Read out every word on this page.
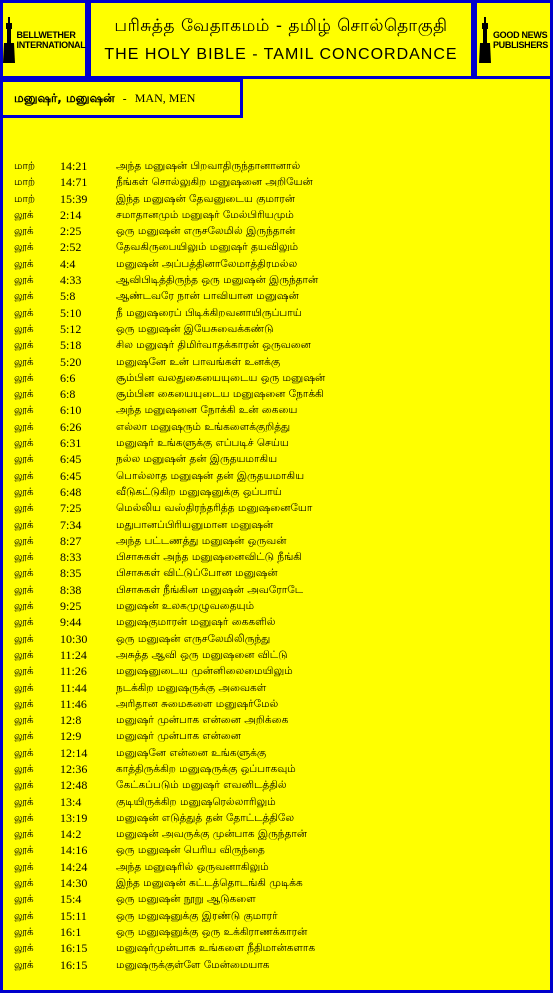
BELLWETHER
INTERNATIONAL
பரிசுத்த வேதாகமம் - தமிழ் சொல்தொகுதி
THE HOLY BIBLE - TAMIL CONCORDANCE
GOOD NEWS
PUBLISHERS
மனுஷர், மனுஷன் - MAN, MEN
மாற்	14:21	அந்த மனுஷன் பிறவாதிருந்தானானால்
மாற்	14:71	நீங்கள் சொல்லுகிற மனுஷனை அறியேன்
மாற்	15:39	இந்த மனுஷன் தேவனுடைய குமாரன்
லூக்	2:14	சமாதானமும் மனுஷர் மேல்பிரியமும்
லூக்	2:25	ஒரு மனுஷன் எருசலேமில் இருந்தான்
லூக்	2:52	தேவகிருபையிலும் மனுஷர் தயவிலும்
லூக்	4:4	மனுஷன் அப்பத்தினாலேமாத்திரமல்ல
லூக்	4:33	ஆவிபிடித்திருந்த ஒரு மனுஷன் இருந்தான்
லூக்	5:8	ஆண்டவரே நான் பாவியான மனுஷன்
லூக்	5:10	நீ மனுஷரைப் பிடிக்கிறவனாயிருப்பாய்
லூக்	5:12	ஒரு மனுஷன் இயேசுவைக்கண்டு
லூக்	5:18	சில மனுஷர் திமிர்வாதக்காரன் ஒருவனை
லூக்	5:20	மனுஷனே உன் பாவங்கள் உனக்கு
லூக்	6:6	சூம்பின வலதுகையையுடைய ஒரு மனுஷன்
லூக்	6:8	சூம்பின கையையுடைய மனுஷனை நோக்கி
லூக்	6:10	அந்த மனுஷனை நோக்கி உன் கையை
லூக்	6:26	எல்லா மனுஷரும் உங்களைக்குறித்து
லூக்	6:31	மனுஷர் உங்களுக்கு எப்படிச் செய்ய
லூக்	6:45	நல்ல மனுஷன் தன் இருதயமாகிய
லூக்	6:45	பொல்லாத மனுஷன் தன் இருதயமாகிய
லூக்	6:48	வீடுகட்டுகிற மனுஷனுக்கு ஒப்பாய்
லூக்	7:25	மெல்லிய வஸ்திரந்தரித்த மனுஷனையோ
லூக்	7:34	மதுபானப்பிரியனுமான மனுஷன்
லூக்	8:27	அந்த பட்டணத்து மனுஷன் ஒருவன்
லூக்	8:33	பிசாசுகள் அந்த மனுஷனைவிட்டு நீங்கி
லூக்	8:35	பிசாசுகள் விட்டுப்போன மனுஷன்
லூக்	8:38	பிசாசுகள் நீங்கின மனுஷன் அவரோடே
லூக்	9:25	மனுஷன் உலகமுழுவதையும்
லூக்	9:44	மனுஷகுமாரன் மனுஷர் கைகளில்
லூக்	10:30	ஒரு மனுஷன் எருசலேமிலிருந்து
லூக்	11:24	அசுத்த ஆவி ஒரு மனுஷனை விட்டு
லூக்	11:26	மனுஷனுடைய முன்னிலைமையிலும்
லூக்	11:44	நடக்கிற மனுஷருக்கு அவைகள்
லூக்	11:46	அரிதான சுமைகளை மனுஷர்மேல்
லூக்	12:8	மனுஷர் முன்பாக என்னை அறிக்கை
லூக்	12:9	மனுஷர் முன்பாக என்னை
லூக்	12:14	மனுஷனே என்னை உங்களுக்கு
லூக்	12:36	காத்திருக்கிற மனுஷருக்கு ஒப்பாகவும்
லூக்	12:48	கேட்கப்படும் மனுஷர் எவனிடத்தில்
லூக்	13:4	குடியிருக்கிற மனுஷரெல்லாரிலும்
லூக்	13:19	மனுஷன் எடுத்துத் தன் தோட்டத்திலே
லூக்	14:2	மனுஷன் அவருக்கு முன்பாக இருந்தான்
லூக்	14:16	ஒரு மனுஷன் பெரிய விருந்தை
லூக்	14:24	அந்த மனுஷரில் ஒருவனாகிலும்
லூக்	14:30	இந்த மனுஷன் கட்டத்தொடங்கி முடிக்க
லூக்	15:4	ஒரு மனுஷன் நூறு ஆடுகளை
லூக்	15:11	ஒரு மனுஷனுக்கு இரண்டு குமாரர்
லூக்	16:1	ஒரு மனுஷனுக்கு ஒரு உக்கிராணக்காரன்
லூக்	16:15	மனுஷர்முன்பாக உங்களை நீதிமான்களாக
லூக்	16:15	மனுஷருக்குள்ளே மேன்மையாக
